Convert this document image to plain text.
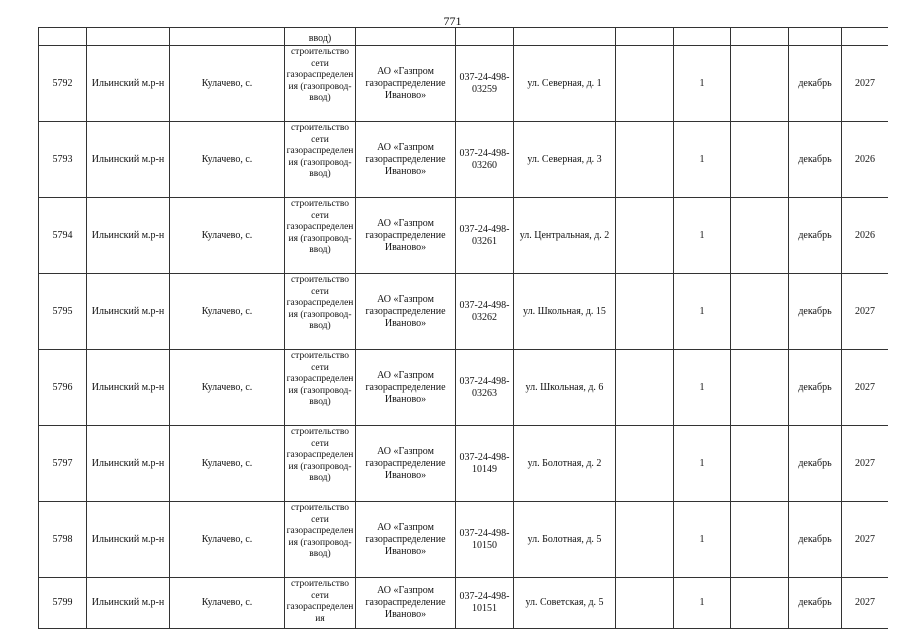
771
			ввод)								
5792	Ильинский м.р-н	Кулачево, с.	строительство сети газораспределения (газопровод-ввод)	АО «Газпром газораспределение Иваново»	037-24-498-03259	ул. Северная, д. 1		1		декабрь	2027
5793	Ильинский м.р-н	Кулачево, с.	строительство сети газораспределения (газопровод-ввод)	АО «Газпром газораспределение Иваново»	037-24-498-03260	ул. Северная, д. 3		1		декабрь	2026
5794	Ильинский м.р-н	Кулачево, с.	строительство сети газораспределения (газопровод-ввод)	АО «Газпром газораспределение Иваново»	037-24-498-03261	ул. Центральная, д. 2		1		декабрь	2026
5795	Ильинский м.р-н	Кулачево, с.	строительство сети газораспределения (газопровод-ввод)	АО «Газпром газораспределение Иваново»	037-24-498-03262	ул. Школьная, д. 15		1		декабрь	2027
5796	Ильинский м.р-н	Кулачево, с.	строительство сети газораспределения (газопровод-ввод)	АО «Газпром газораспределение Иваново»	037-24-498-03263	ул. Школьная, д. 6		1		декабрь	2027
5797	Ильинский м.р-н	Кулачево, с.	строительство сети газораспределения (газопровод-ввод)	АО «Газпром газораспределение Иваново»	037-24-498-10149	ул. Болотная, д. 2		1		декабрь	2027
5798	Ильинский м.р-н	Кулачево, с.	строительство сети газораспределения (газопровод-ввод)	АО «Газпром газораспределение Иваново»	037-24-498-10150	ул. Болотная, д. 5		1		декабрь	2027
5799	Ильинский м.р-н	Кулачево, с.	строительство сети газораспределения	АО «Газпром газораспределение Иваново»	037-24-498-10151	ул. Советская, д. 5		1		декабрь	2027
